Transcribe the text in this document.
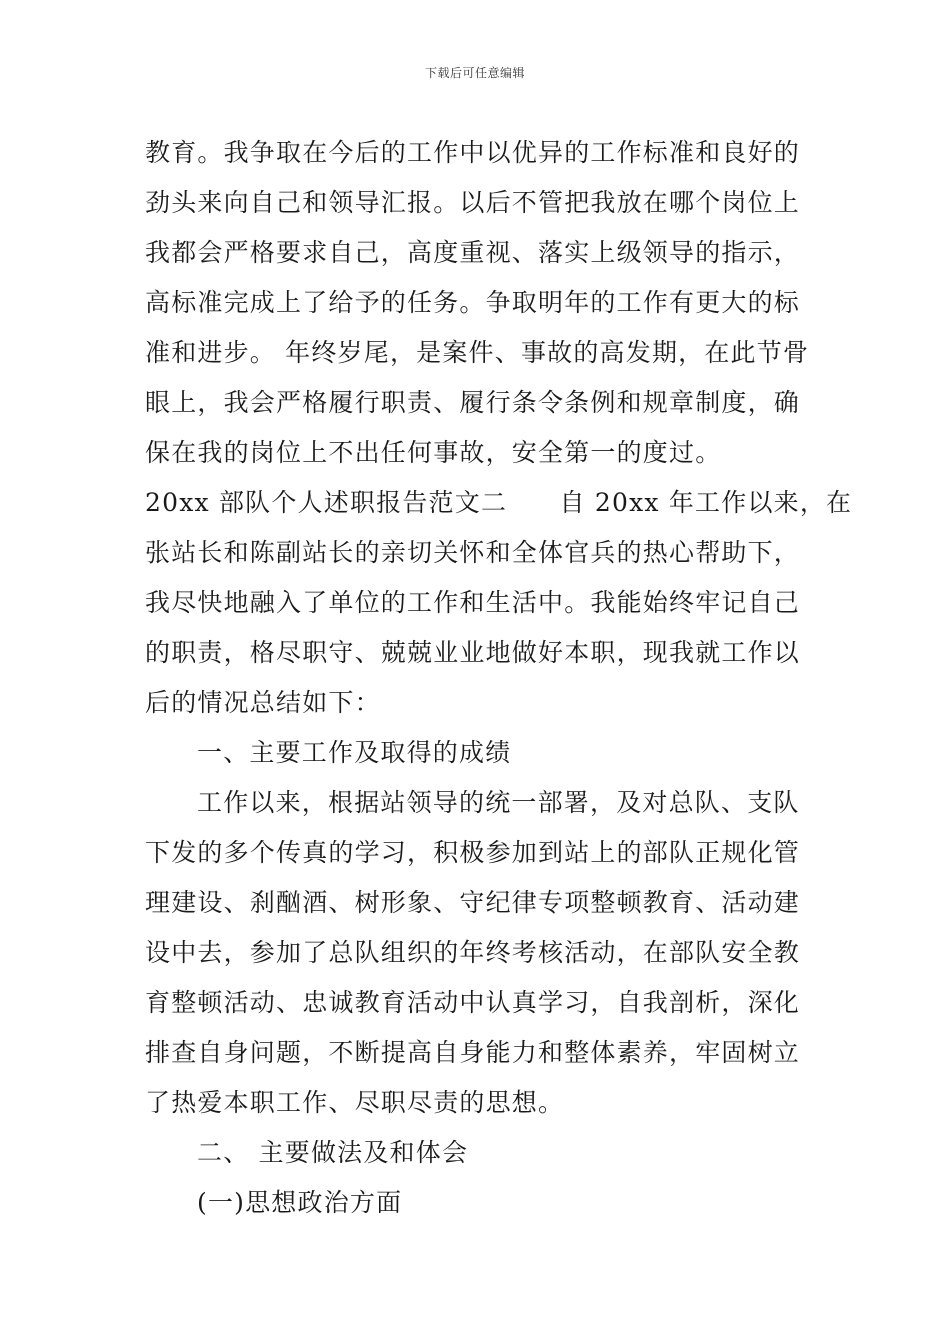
下载后可任意编辑
教育。我争取在今后的工作中以优异的工作标准和良好的
劲头来向自己和领导汇报。以后不管把我放在哪个岗位上
我都会严格要求自己，高度重视、落实上级领导的指示，
高标准完成上了给予的任务。争取明年的工作有更大的标
准和进步。 年终岁尾，是案件、事故的高发期，在此节骨
眼上，我会严格履行职责、履行条令条例和规章制度，确
保在我的岗位上不出任何事故，安全第一的度过。
20xx 部队个人述职报告范文二　　自 20xx 年工作以来，在
张站长和陈副站长的亲切关怀和全体官兵的热心帮助下，
我尽快地融入了单位的工作和生活中。我能始终牢记自己
的职责，格尽职守、兢兢业业地做好本职，现我就工作以
后的情况总结如下：
一、主要工作及取得的成绩
工作以来，根据站领导的统一部署，及对总队、支队
下发的多个传真的学习，积极参加到站上的部队正规化管
理建设、刹酗酒、树形象、守纪律专项整顿教育、活动建
设中去，参加了总队组织的年终考核活动，在部队安全教
育整顿活动、忠诚教育活动中认真学习，自我剖析，深化
排查自身问题，不断提高自身能力和整体素养，牢固树立
了热爱本职工作、尽职尽责的思想。
二、 主要做法及和体会
(一)思想政治方面
